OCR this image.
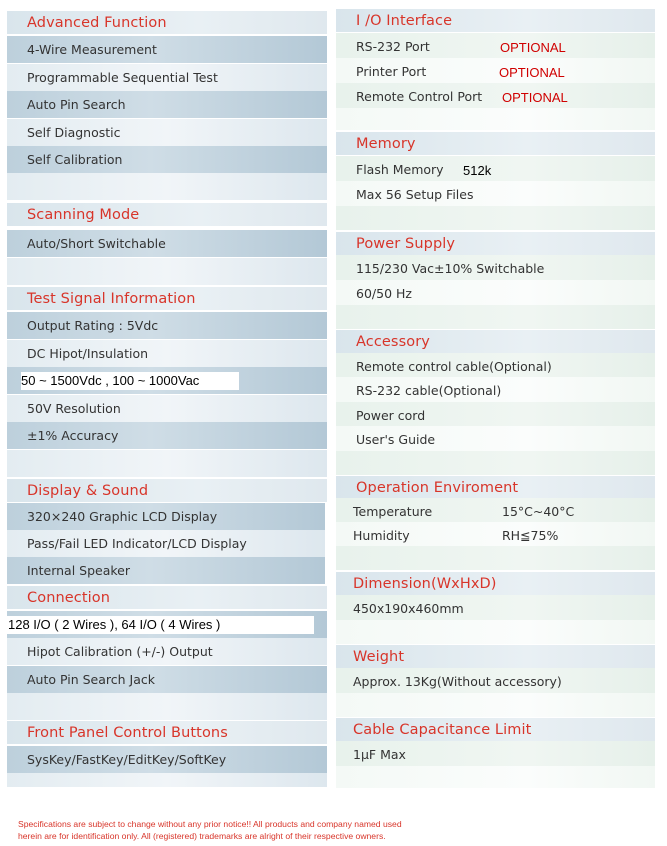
Advanced Function
4-Wire Measurement
Programmable Sequential Test
Auto Pin Search
Self Diagnostic
Self Calibration
Scanning Mode
Auto/Short Switchable
Test Signal Information
Output Rating : 5Vdc
DC Hipot/Insulation
50 ~ 1500Vdc , 100 ~ 1000Vac
50V Resolution
±1% Accuracy
Display & Sound
320×240 Graphic LCD Display
Pass/Fail LED Indicator/LCD Display
Internal Speaker
Connection
128 I/O ( 2 Wires ), 64 I/O ( 4 Wires )
Hipot Calibration (+/-) Output
Auto Pin Search Jack
Front Panel Control Buttons
SysKey/FastKey/EditKey/SoftKey
I /O Interface
RS-232 Port	OPTIONAL
Printer Port	OPTIONAL
Remote Control Port OPTIONAL
Memory
Flash Memory 512k
Max 56 Setup Files
Power Supply
115/230 Vac±10% Switchable
60/50 Hz
Accessory
Remote control cable(Optional)
RS-232 cable(Optional)
Power cord
User's Guide
Operation Enviroment
Temperature	15°C~40°C
Humidity	RH≦75%
Dimension(WxHxD)
450x190x460mm
Weight
Approx. 13Kg(Without accessory)
Cable Capacitance Limit
1μF Max
Specifications are subject to change without any prior notice!! All products and company named used
herein are for identification only. All (registered) trademarks are alright of their respective owners.
